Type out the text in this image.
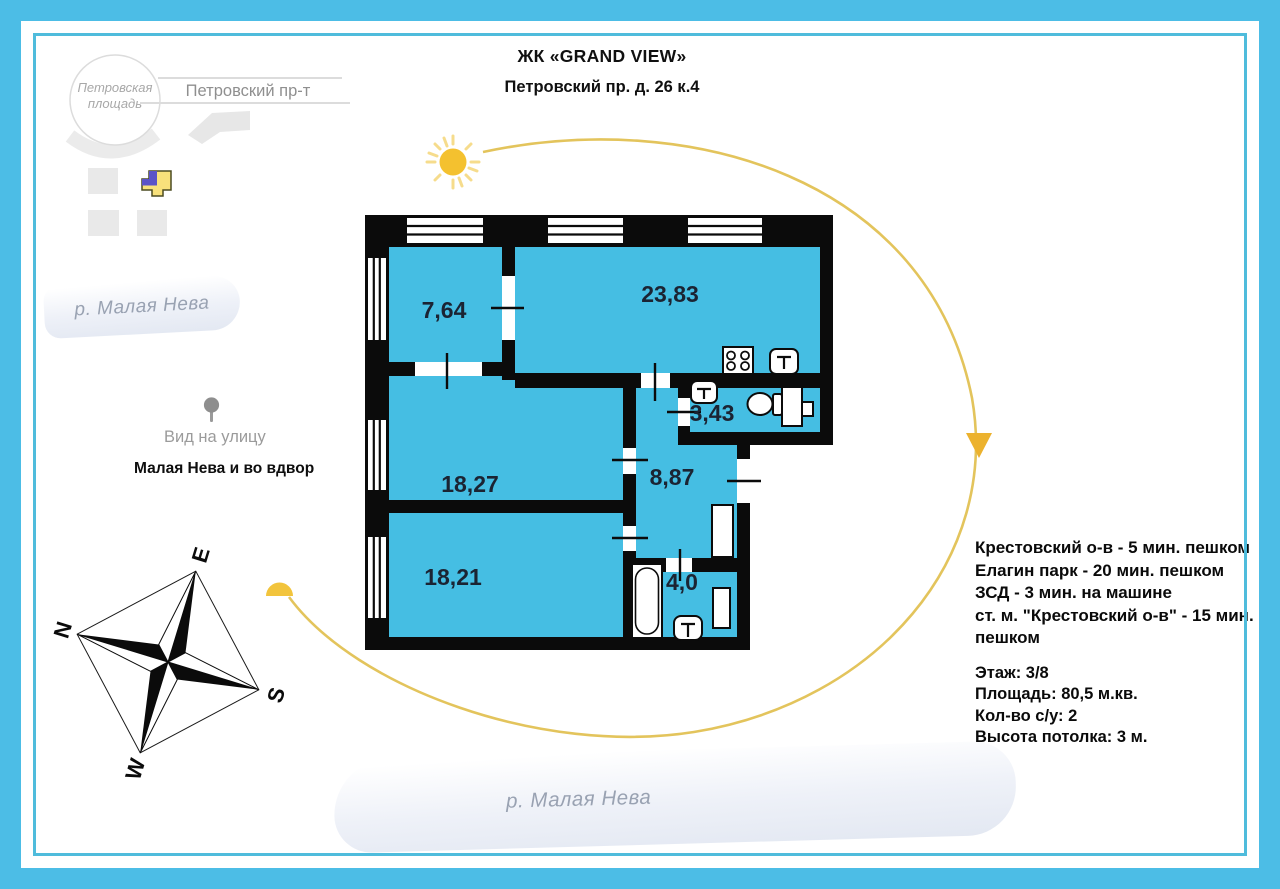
ЖК «GRAND VIEW»
Петровский пр. д. 26 к.4
Петровская
площадь
Петровский пр-т
р. Малая Нева
Вид на улицу
Малая Нева и во вдвор
N
E
S
W
7,64
23,83
3,43
8,87
18,27
18,21	4,0
Крестовский о-в - 5 мин. пешком
Елагин парк - 20 мин. пешком
ЗСД - 3 мин. на машине
ст. м. "Крестовский о-в" - 15 мин.
пешком
Этаж: 3/8
Площадь: 80,5 м.кв.
Кол-во с/у: 2
Высота потолка: 3 м.
р. Малая Нева
